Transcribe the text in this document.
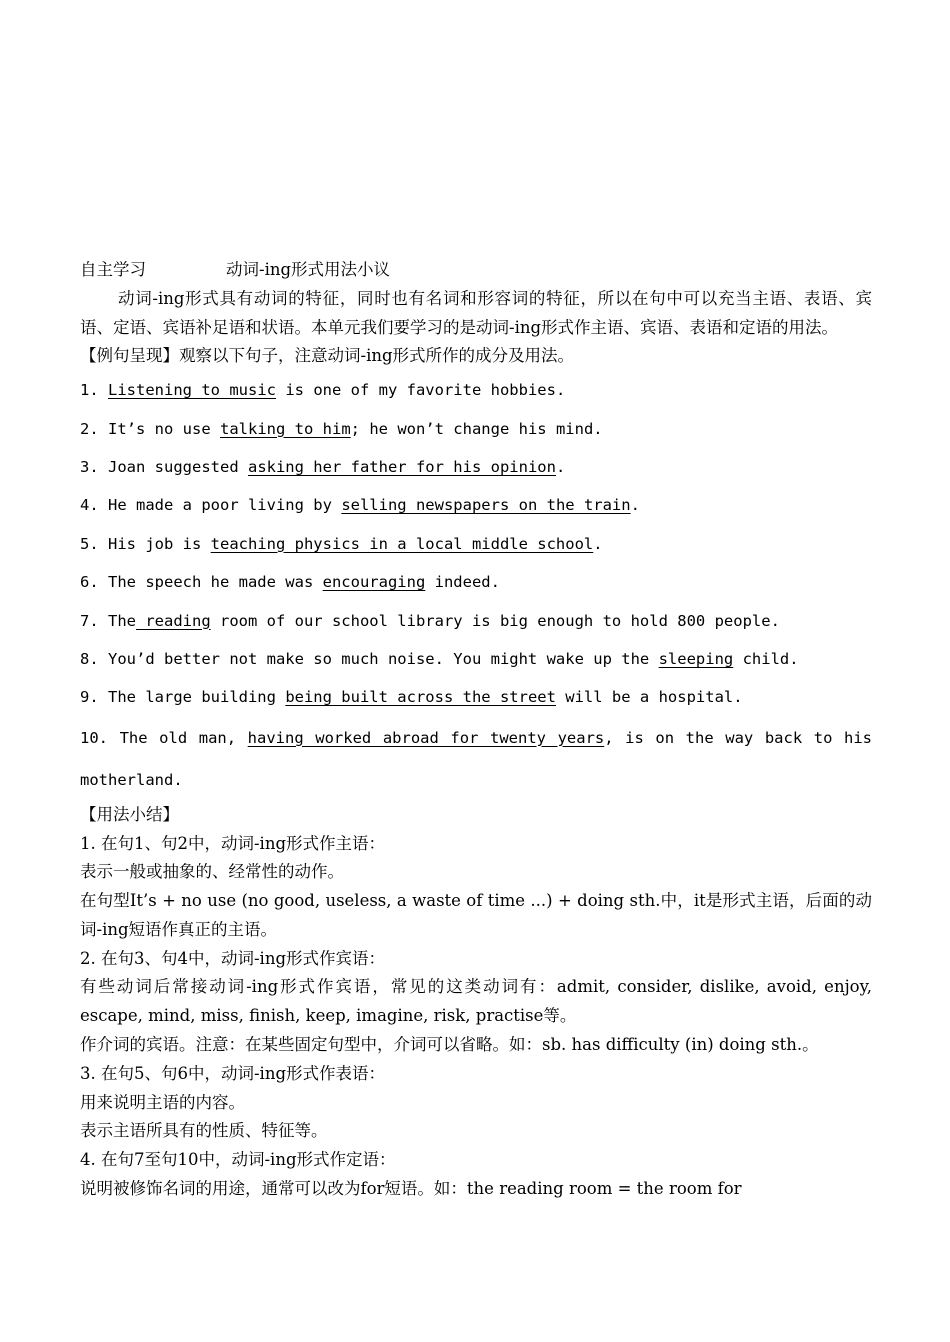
自主学习	动词-ing形式用法小议
动词-ing形式具有动词的特征，同时也有名词和形容词的特征，所以在句中可以充当主语、表语、宾语、定语、宾语补足语和状语。本单元我们要学习的是动词-ing形式作主语、宾语、表语和定语的用法。
【例句呈现】观察以下句子，注意动词-ing形式所作的成分及用法。
1. Listening to music is one of my favorite hobbies.
2. It’s no use talking to him; he won’t change his mind.
3. Joan suggested asking her father for his opinion.
4. He made a poor living by selling newspapers on the train.
5. His job is teaching physics in a local middle school.
6. The speech he made was encouraging indeed.
7. The reading room of our school library is big enough to hold 800 people.
8. You’d better not make so much noise. You might wake up the sleeping child.
9. The large building being built across the street will be a hospital.
10. The old man, having worked abroad for twenty years, is on the way back to his motherland.
【用法小结】
1. 在句1、句2中，动词-ing形式作主语：
表示一般或抽象的、经常性的动作。
在句型It’s + no use (no good, useless, a waste of time ...) + doing sth.中，it是形式主语，后面的动词-ing短语作真正的主语。
2. 在句3、句4中，动词-ing形式作宾语：
有些动词后常接动词-ing形式作宾语，常见的这类动词有：admit, consider, dislike, avoid, enjoy, escape, mind, miss, finish, keep, imagine, risk, practise等。
作介词的宾语。注意：在某些固定句型中，介词可以省略。如：sb. has difficulty (in) doing sth.。
3. 在句5、句6中，动词-ing形式作表语：
用来说明主语的内容。
表示主语所具有的性质、特征等。
4. 在句7至句10中，动词-ing形式作定语：
说明被修饰名词的用途，通常可以改为for短语。如：the reading room = the room for
